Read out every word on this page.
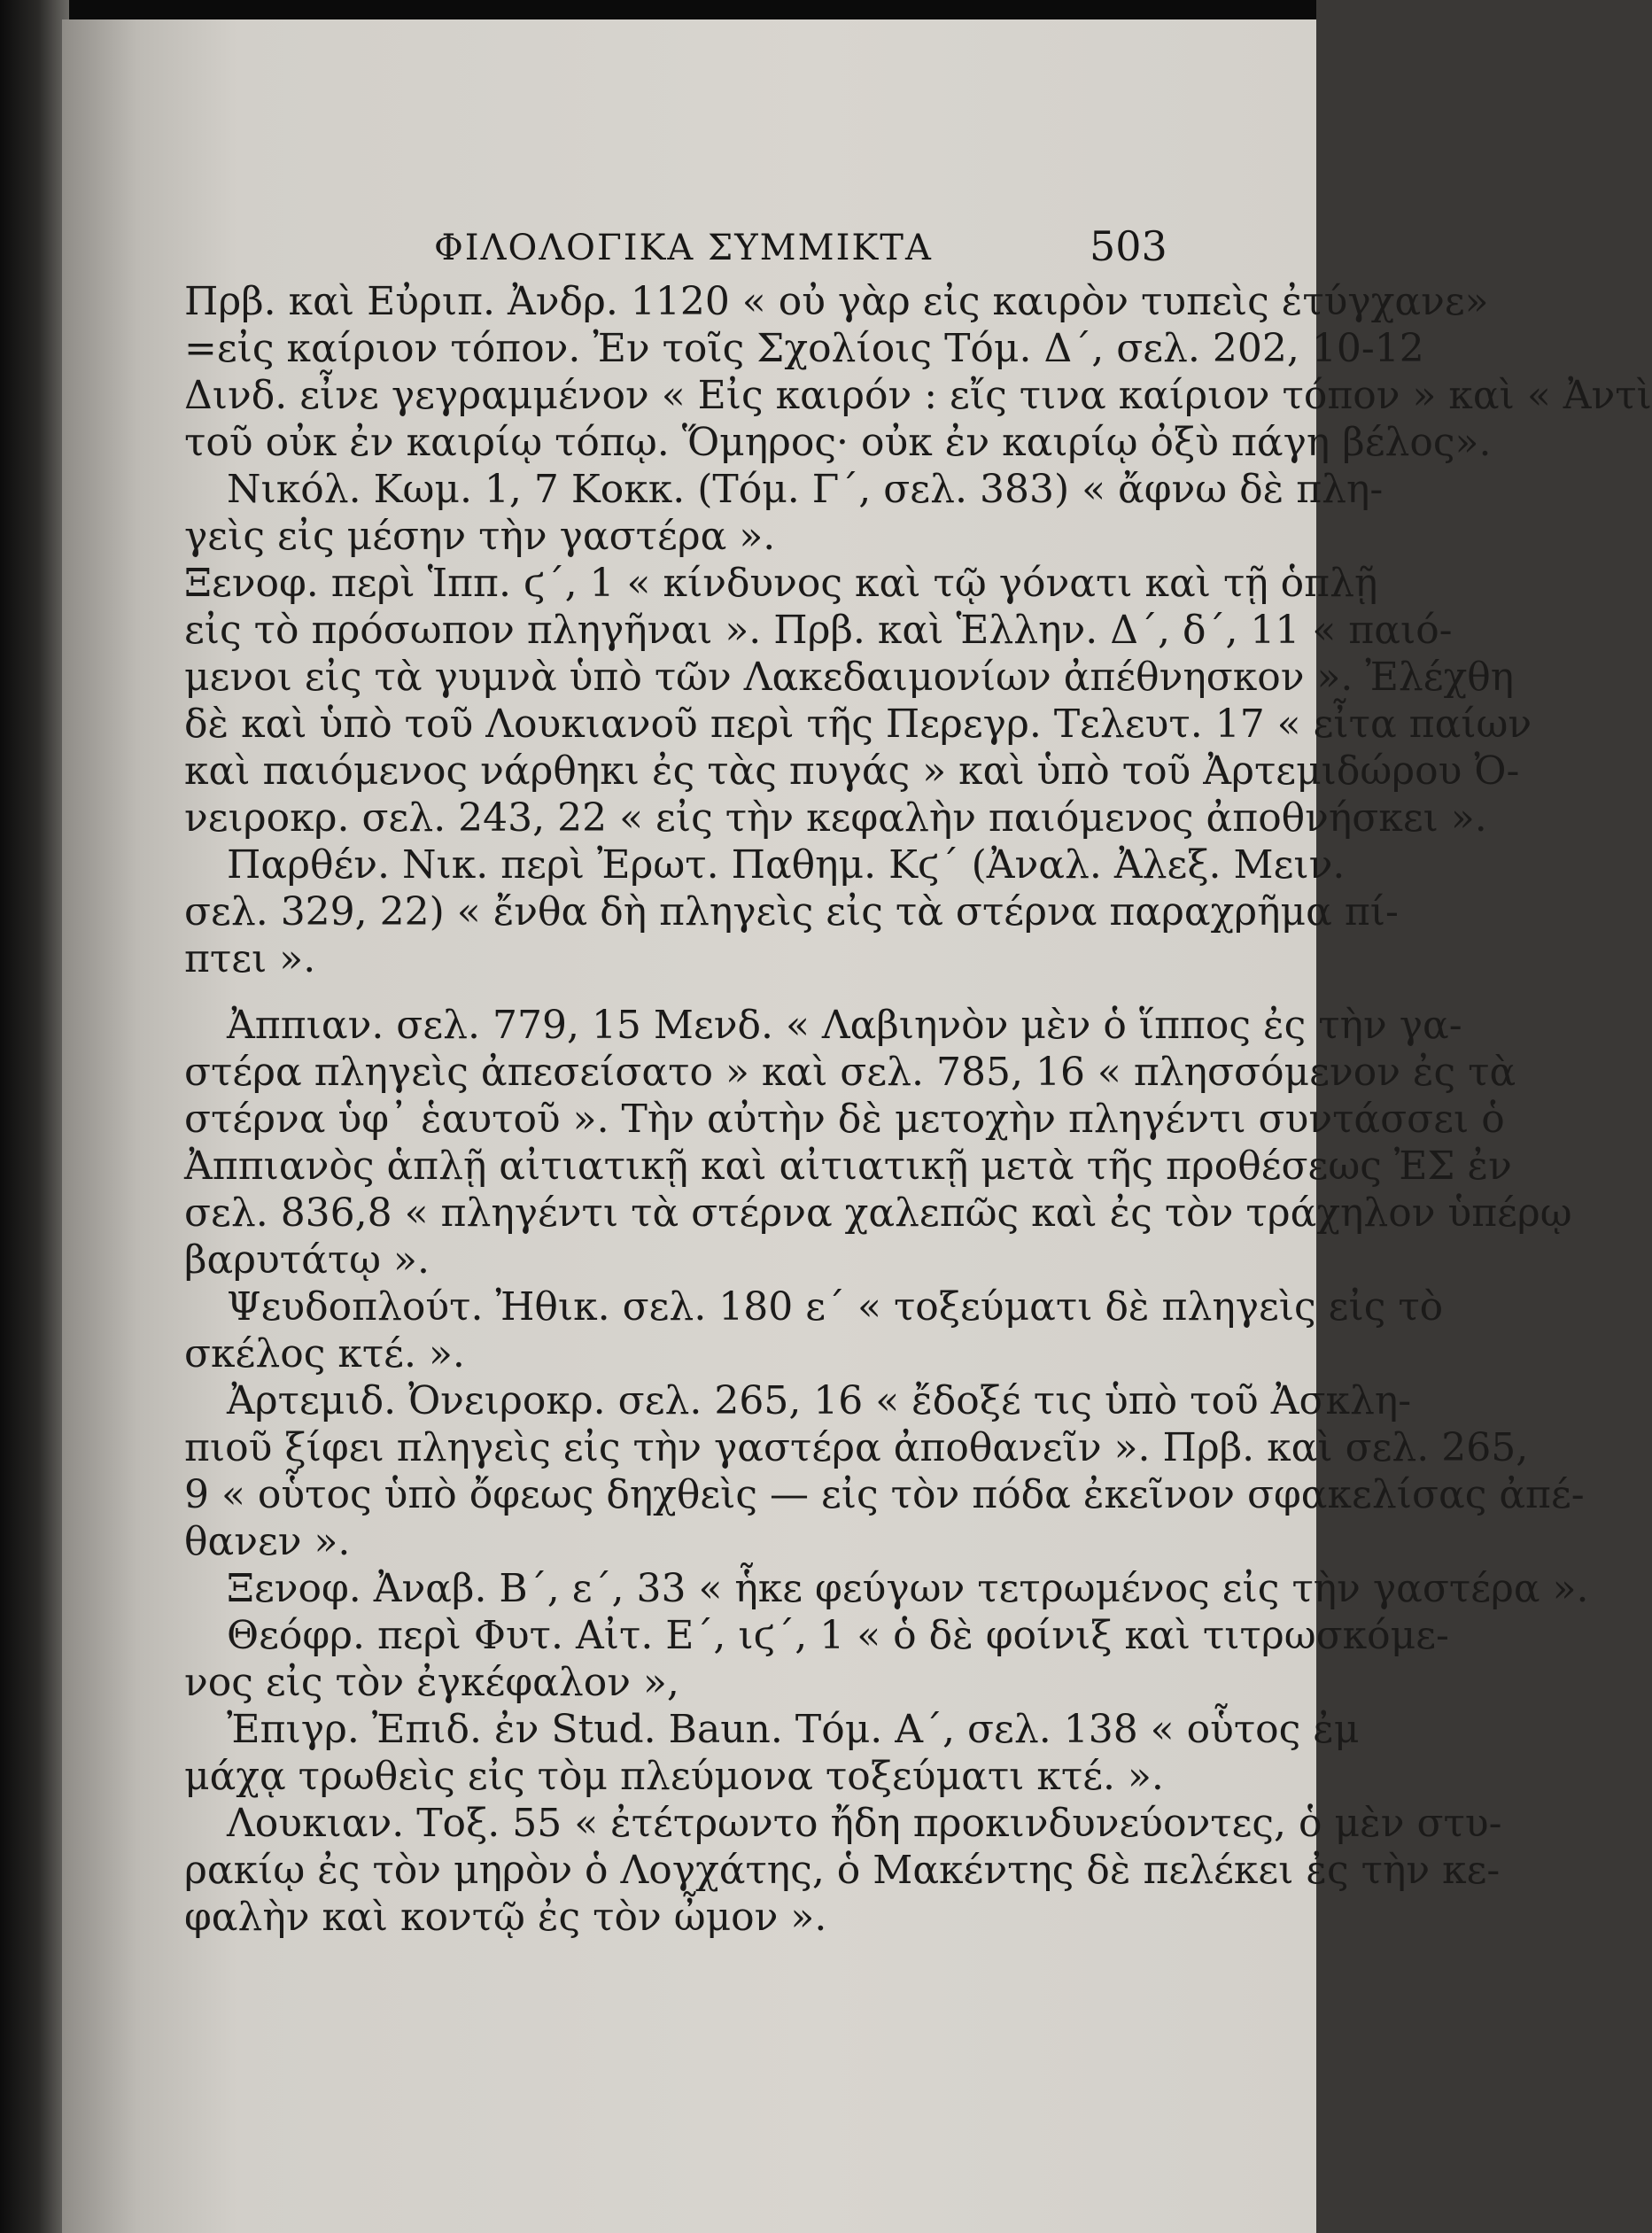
ΦΙΛΟΛΟΓΙΚΑ ΣΥΜΜΙΚΤΑ	503
Πρβ. καὶ Εὐριπ. Ἀνδρ. 1120 « οὐ γὰρ εἰς καιρὸν τυπεὶς ἐτύγχανε»
=εἰς καίριον τόπον. Ἐν τοῖς Σχολίοις Τόμ. Δ΄, σελ. 202, 10-12
Δινδ. εἶνε γεγραμμένον « Εἰς καιρόν : εἴς τινα καίριον τόπον » καὶ « Ἀντὶ
τοῦ οὐκ ἐν καιρίῳ τόπῳ. Ὅμηρος· οὐκ ἐν καιρίῳ ὀξὺ πάγη βέλος».
Νικόλ. Κωμ. 1, 7 Κοκκ. (Τόμ. Γ΄, σελ. 383) « ἄφνω δὲ πλη-
γεὶς εἰς μέσην τὴν γαστέρα ».
Ξενοφ. περὶ Ἱππ. ϛ΄, 1 « κίνδυνος καὶ τῷ γόνατι καὶ τῇ ὁπλῇ
εἰς τὸ πρόσωπον πληγῆναι ». Πρβ. καὶ Ἑλλην. Δ΄, δ΄, 11 « παιό-
μενοι εἰς τὰ γυμνὰ ὑπὸ τῶν Λακεδαιμονίων ἀπέθνησκον ». Ἐλέχθη
δὲ καὶ ὑπὸ τοῦ Λουκιανοῦ περὶ τῆς Περεγρ. Τελευτ. 17 « εἶτα παίων
καὶ παιόμενος νάρθηκι ἐς τὰς πυγάς » καὶ ὑπὸ τοῦ Ἀρτεμιδώρου Ὀ-
νειροκρ. σελ. 243, 22 « εἰς τὴν κεφαλὴν παιόμενος ἀποθνήσκει ».
Παρθέν. Νικ. περὶ Ἐρωτ. Παθημ. Κϛ΄ (Ἀναλ. Ἀλεξ. Μειν.
σελ. 329, 22) « ἔνθα δὴ πληγεὶς εἰς τὰ στέρνα παραχρῆμα πί-
πτει ».
Ἀππιαν. σελ. 779, 15 Μενδ. « Λαβιηνὸν μὲν ὁ ἵππος ἐς τὴν γα-
στέρα πληγεὶς ἀπεσείσατο » καὶ σελ. 785, 16 « πλησσόμενον ἐς τὰ
στέρνα ὑφ᾽ ἑαυτοῦ ». Τὴν αὐτὴν δὲ μετοχὴν πληγέντι συντάσσει ὁ
Ἀππιανὸς ἁπλῇ αἰτιατικῇ καὶ αἰτιατικῇ μετὰ τῆς προθέσεως ἘΣ ἐν
σελ. 836,8 « πληγέντι τὰ στέρνα χαλεπῶς καὶ ἐς τὸν τράχηλον ὑπέρῳ
βαρυτάτῳ ».
Ψευδοπλούτ. Ἠθικ. σελ. 180 ε΄ « τοξεύματι δὲ πληγεὶς εἰς τὸ
σκέλος κτέ. ».
Ἀρτεμιδ. Ὀνειροκρ. σελ. 265, 16 « ἔδοξέ τις ὑπὸ τοῦ Ἀσκλη-
πιοῦ ξίφει πληγεὶς εἰς τὴν γαστέρα ἀποθανεῖν ». Πρβ. καὶ σελ. 265,
9 « οὗτος ὑπὸ ὄφεως δηχθεὶς — εἰς τὸν πόδα ἐκεῖνον σφακελίσας ἀπέ-
θανεν ».
Ξενοφ. Ἀναβ. Β΄, ε΄, 33 « ἧκε φεύγων τετρωμένος εἰς τὴν γαστέρα ».
Θεόφρ. περὶ Φυτ. Αἰτ. Ε΄, ιϛ΄, 1 « ὁ δὲ φοίνιξ καὶ τιτρωσκόμε-
νος εἰς τὸν ἐγκέφαλον »,
Ἐπιγρ. Ἐπιδ. ἐν Stud. Baun. Τόμ. Α΄, σελ. 138 « οὗτος ἐμ
μάχᾳ τρωθεὶς εἰς τὸμ πλεύμονα τοξεύματι κτέ. ».
Λουκιαν. Τοξ. 55 « ἐτέτρωντο ἤδη προκινδυνεύοντες, ὁ μὲν στυ-
ρακίῳ ἐς τὸν μηρὸν ὁ Λογχάτης, ὁ Μακέντης δὲ πελέκει ἐς τὴν κε-
φαλὴν καὶ κοντῷ ἐς τὸν ὦμον ».
